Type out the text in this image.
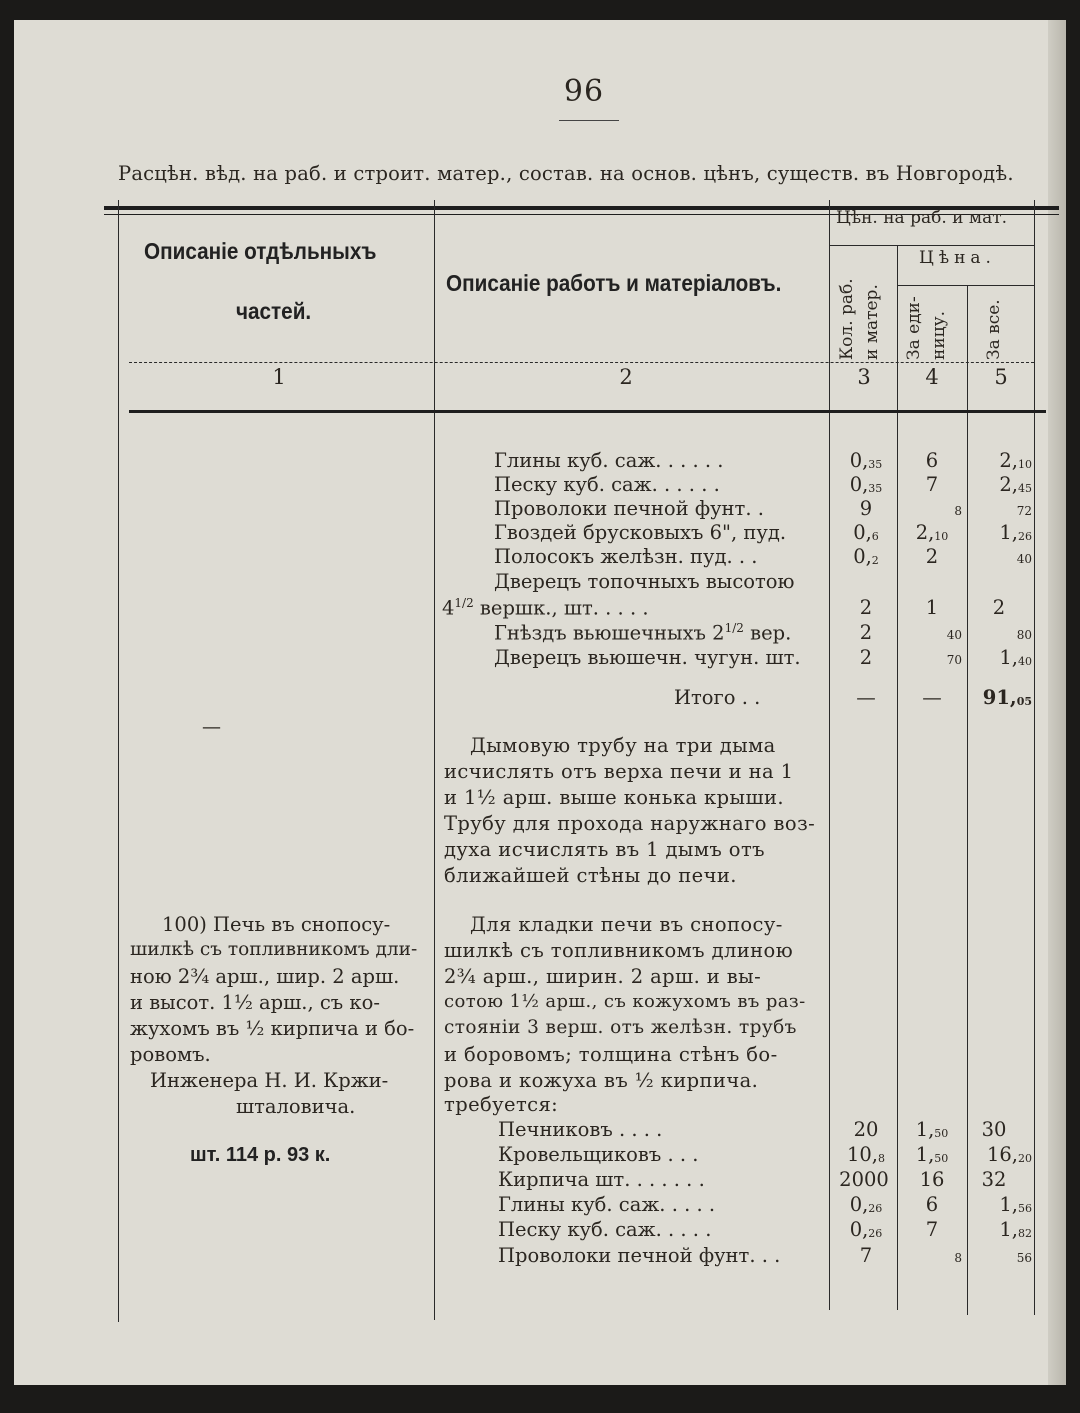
96
Расцѣн. вѣд. на раб. и строит. матер., состав. на основ. цѣнъ, существ. въ Новгородѣ.
Описаніе отдѣльныхъ
частей.
Описаніе работъ и матеріаловъ.
Цѣн. на раб. и мат.
Цѣна.
Кол. раб. и матер. За еди- ницу. За все.
1	2	3	4	5
Глины куб. саж. . . . . .	$0,_{35}$	6	$2,_{10}$
Песку куб. саж. . . . . .	$0,_{35}$	7	$2,_{45}$
Проволоки печной фунт. .	9	8	72
Гвоздей брусковыхъ 6", пуд.	$0,_6$	$2,_{10}$	$1,_{26}$
Полосокъ желѣзн. пуд. . .	$0,_2$	2	40
Дверецъ топочныхъ высотою
$4^{1/2}$ вершк., шт. . . . .	2	1	2
Гнѣздъ вьюшечныхъ $2^{1/2}$ вер.	2	40	80
Дверецъ вьюшечн. чугун. шт.	2	70	$1,_{40}$
Итого . .	—	—	$91,_{05}$
—
Дымовую трубу на три дыма
исчислять отъ верха печи и на 1
и 1½ арш. выше конька крыши.
Трубу для прохода наружнаго воз-
духа исчислять въ 1 дымъ отъ
ближайшей стѣны до печи.
100) Печь въ снопосу-
шилкѣ съ топливникомъ дли-
ною 2¾ арш., шир. 2 арш.
и высот. 1½ арш., съ ко-
жухомъ въ ½ кирпича и бо-
ровомъ.
Инженера Н. И. Кржи-
шталовича.
шт. 114 р. 93 к.
Для кладки печи въ снопосу-
шилкѣ съ топливникомъ длиною
2¾ арш., ширин. 2 арш. и вы-
сотою 1½ арш., съ кожухомъ въ раз-
стояніи 3 верш. отъ желѣзн. трубъ
и боровомъ; толщина стѣнъ бо-
рова и кожуха въ ½ кирпича.
требуется:
Печниковъ . . . .	20	$1,_{50}$	30
Кровельщиковъ . . .	$10,_8$	$1,_{50}$	$16,_{20}$
Кирпича шт. . . . . . .	2000	16	32
Глины куб. саж. . . . .	$0,_{26}$	6	$1,_{56}$
Песку куб. саж. . . . .	$0,_{26}$	7	$1,_{82}$
Проволоки печной фунт. . .	7	8	56
